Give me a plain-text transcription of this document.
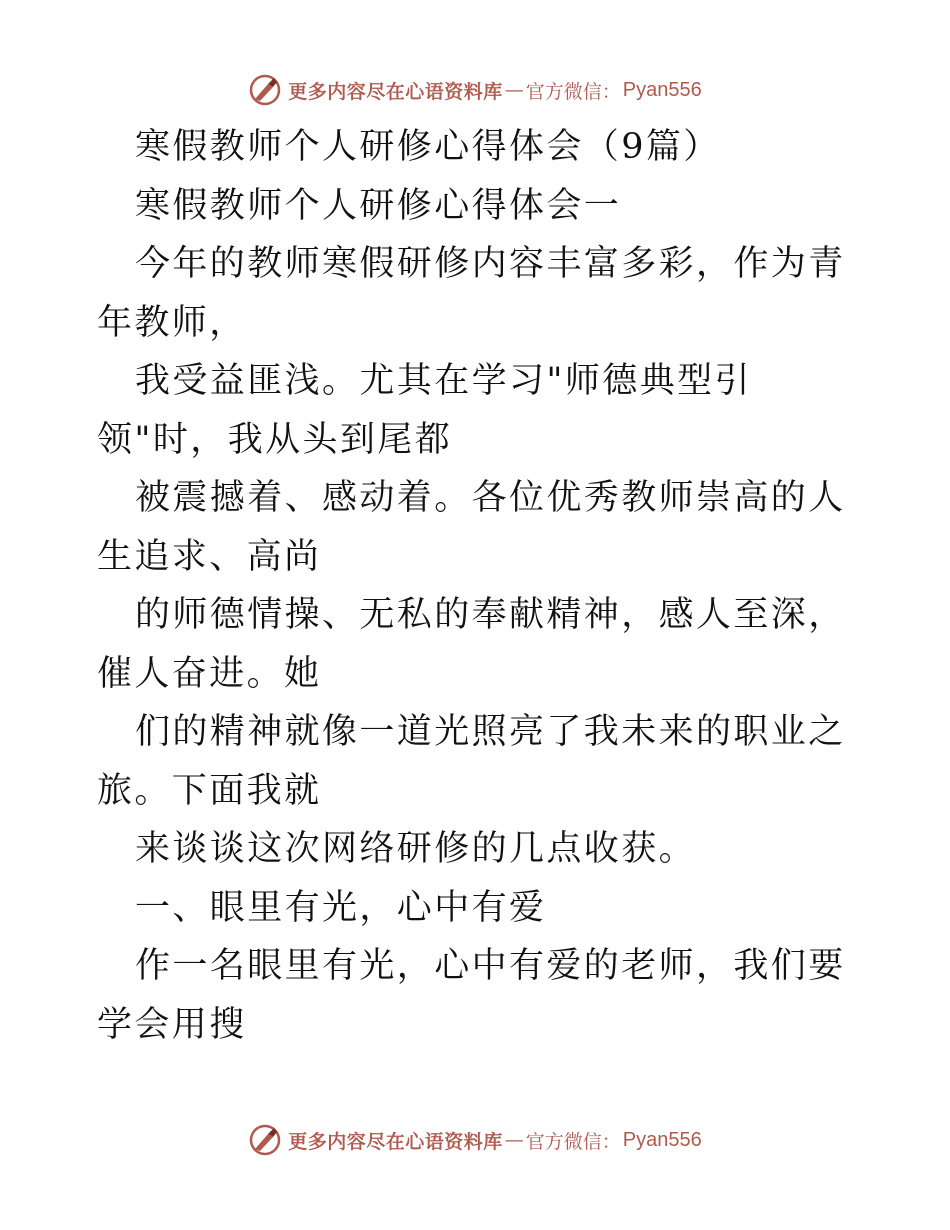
更多内容尽在心语资料库 — 官方微信： Pyan556

寒假教师个人研修心得体会（9篇）

寒假教师个人研修心得体会一

今年的教师寒假研修内容丰富多彩，作为青年教师，

我受益匪浅。尤其在学习"师德典型引领"时，我从头到尾都

被震撼着、感动着。各位优秀教师崇高的人生追求、高尚

的师德情操、无私的奉献精神，感人至深，催人奋进。她

们的精神就像一道光照亮了我未来的职业之旅。下面我就

来谈谈这次网络研修的几点收获。

一、眼里有光，心中有爱

作一名眼里有光，心中有爱的老师，我们要学会用搜

更多内容尽在心语资料库 — 官方微信： Pyan556
